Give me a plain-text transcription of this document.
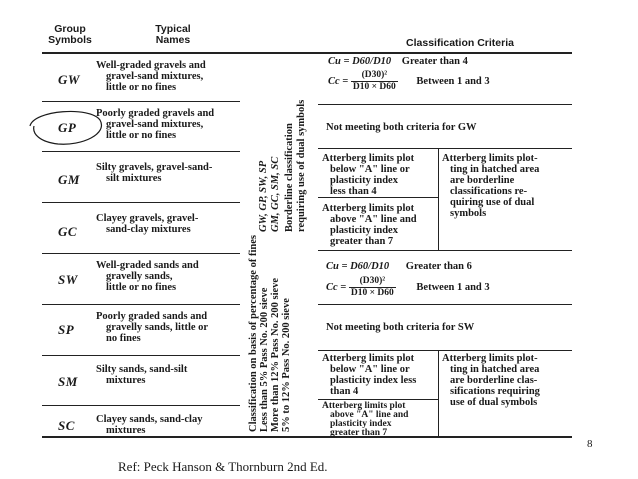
Group
Symbols
Typical
Names	Classification Criteria
GW
GP
GM
GC
SW
SP
SM
SC
Well-graded gravels and
gravel-sand mixtures,
little or no fines
Poorly graded gravels and
gravel-sand mixtures,
little or no fines
Silty gravels, gravel-sand-
silt mixtures
Clayey gravels, gravel-
sand-clay mixtures
Well-graded sands and
gravelly sands,
little or no fines
Poorly graded sands and
gravelly sands, little or
no fines
Silty sands, sand-silt
mixtures
Clayey sands, sand-clay
mixtures	Classification on basis of percentage of fines Less than 5% Pass No. 200 sieve More than 12% Pass No. 200 sieve 5% to 12% Pass No. 200 sieve
GW, GP, SW, SP GM, GC, SM, SC Borderline classification requiring use of dual symbols
Cu = D60/D10 Greater than 4
$Cc = \frac{\text{(D30)²}}{D10 \times D60}$ Between 1 and 3
Not meeting both criteria for GW
Atterberg limits plot
below "A" line or
plasticity index
less than 4
Atterberg limits plot
above "A" line and
plasticity index
greater than 7
Atterberg limits plot-
ting in hatched area
are borderline
classifications re-
quiring use of dual
symbols
Cu = D60/D10 Greater than 6
$Cc = \frac{\text{(D30)²}}{D10 \times D60}$ Between 1 and 3
Not meeting both criteria for SW
Atterberg limits plot
below "A" line or
plasticity index less
than 4
Atterberg limits plot
above "A" line and
plasticity index
greater than 7
Atterberg limits plot-
ting in hatched area
are borderline clas-
sifications requiring
use of dual symbols
8
Ref: Peck Hanson & Thornburn 2nd Ed.
